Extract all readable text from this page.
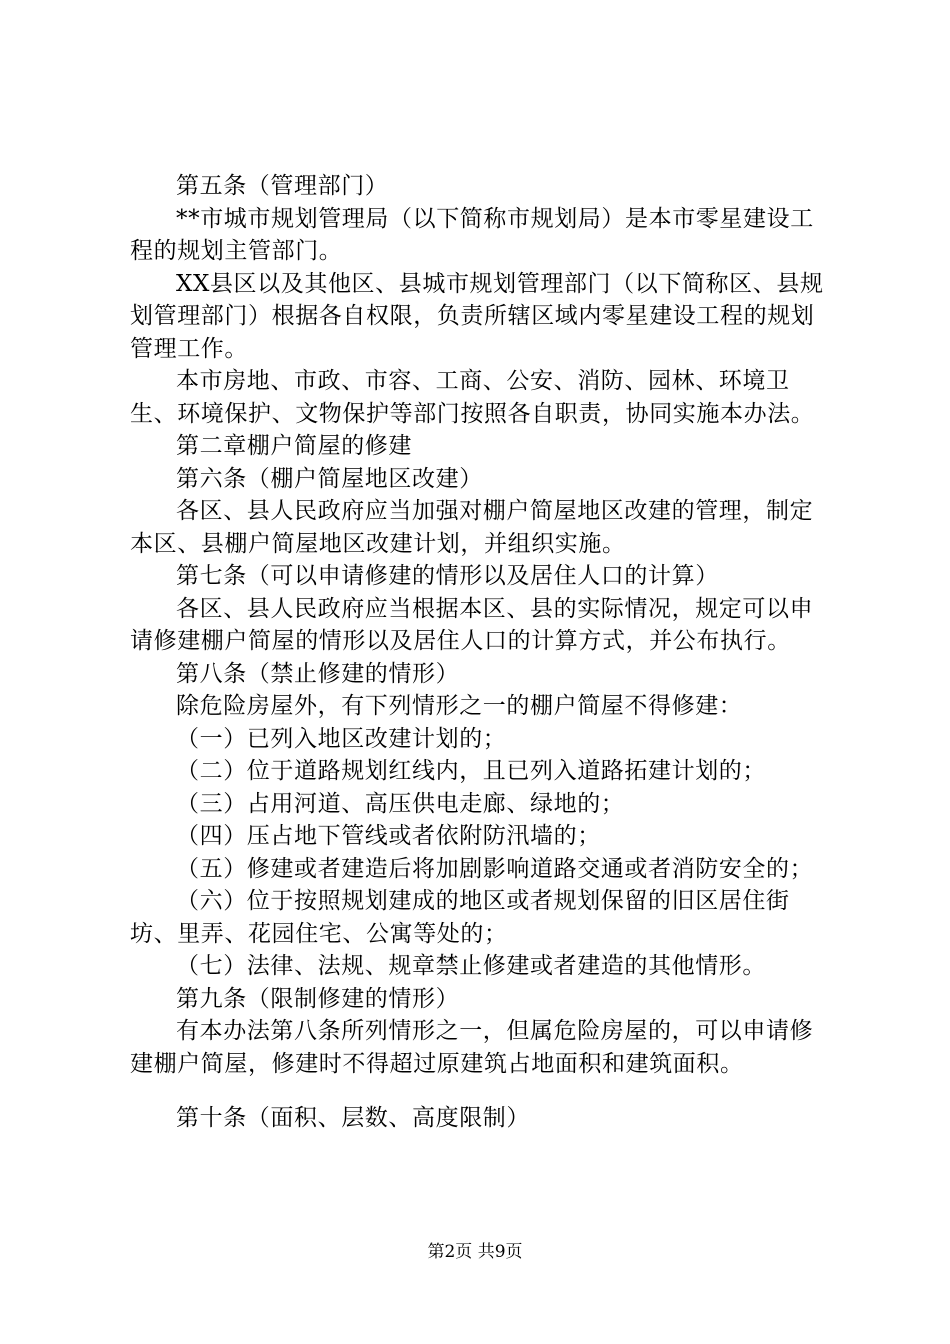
第五条（管理部门）

**市城市规划管理局（以下简称市规划局）是本市零星建设工程的规划主管部门。

XX县区以及其他区、县城市规划管理部门（以下简称区、县规划管理部门）根据各自权限，负责所辖区域内零星建设工程的规划管理工作。

本市房地、市政、市容、工商、公安、消防、园林、环境卫生、环境保护、文物保护等部门按照各自职责，协同实施本办法。

第二章棚户简屋的修建

第六条（棚户简屋地区改建）

各区、县人民政府应当加强对棚户简屋地区改建的管理，制定本区、县棚户简屋地区改建计划，并组织实施。

第七条（可以申请修建的情形以及居住人口的计算）

各区、县人民政府应当根据本区、县的实际情况，规定可以申请修建棚户简屋的情形以及居住人口的计算方式，并公布执行。

第八条（禁止修建的情形）

除危险房屋外，有下列情形之一的棚户简屋不得修建：

（一）已列入地区改建计划的；

（二）位于道路规划红线内，且已列入道路拓建计划的；

（三）占用河道、高压供电走廊、绿地的；

（四）压占地下管线或者依附防汛墙的；

（五）修建或者建造后将加剧影响道路交通或者消防安全的；

（六）位于按照规划建成的地区或者规划保留的旧区居住街坊、里弄、花园住宅、公寓等处的；

（七）法律、法规、规章禁止修建或者建造的其他情形。

第九条（限制修建的情形）

有本办法第八条所列情形之一，但属危险房屋的，可以申请修建棚户简屋，修建时不得超过原建筑占地面积和建筑面积。

第十条（面积、层数、高度限制）

第2页 共9页
